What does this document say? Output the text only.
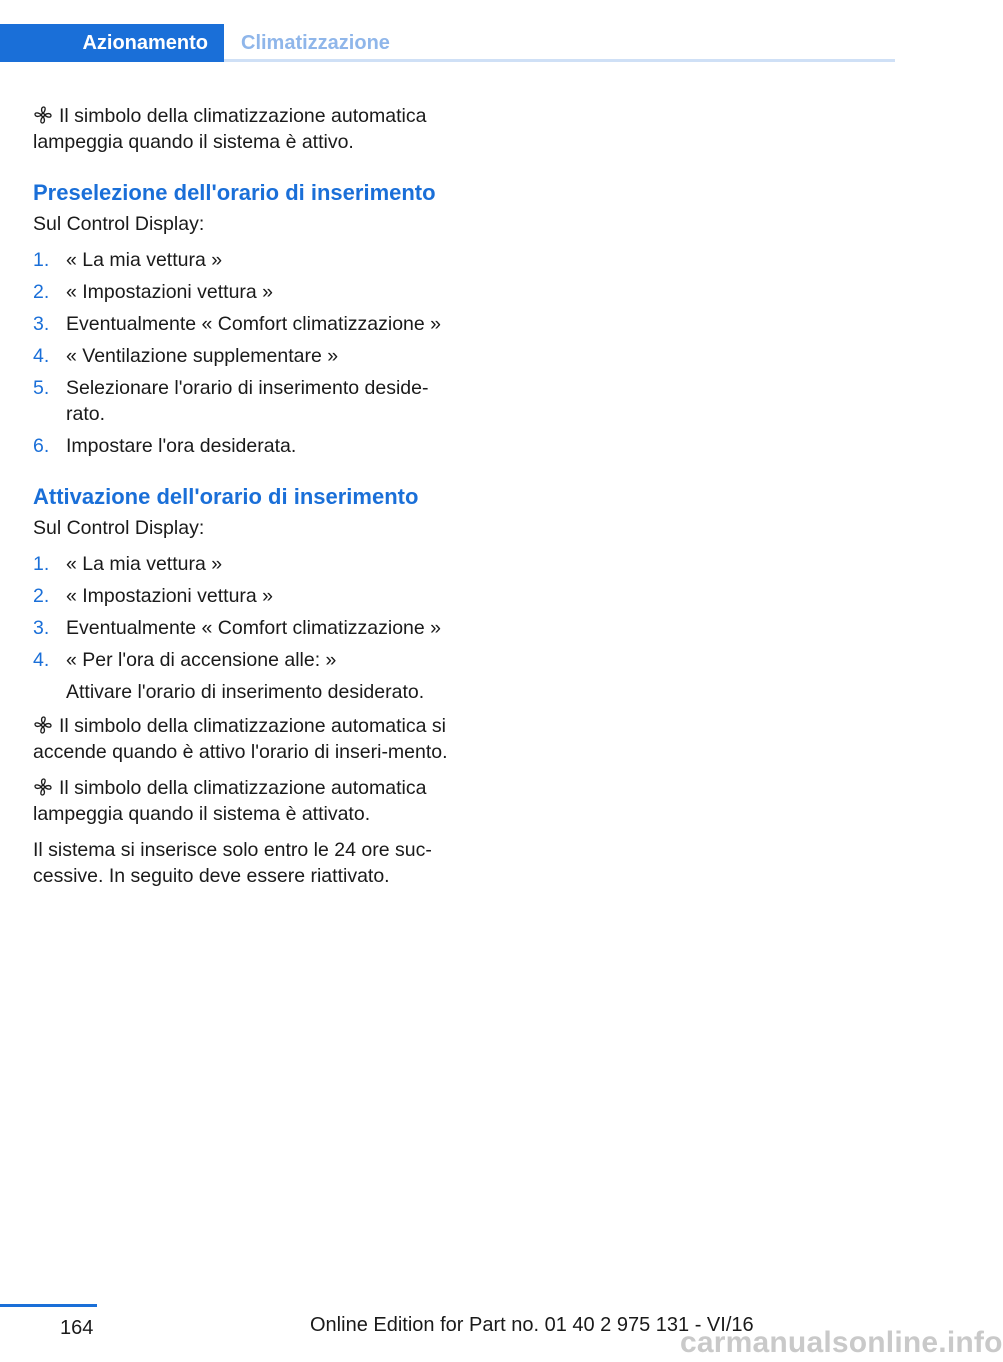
Azionamento	Climatizzazione

Il simbolo della climatizzazione automatica lampeggia quando il sistema è attivo.

Preselezione dell'orario di inserimento

Sul Control Display:

1. « La mia vettura »
2. « Impostazioni vettura »
3. Eventualmente « Comfort climatizzazione »
4. « Ventilazione supplementare »
5. Selezionare l'orario di inserimento deside-rato.
6. Impostare l'ora desiderata.
Attivazione dell'orario di inserimento

Sul Control Display:

1. « La mia vettura »
2. « Impostazioni vettura »
3. Eventualmente « Comfort climatizzazione »
4. « Per l'ora di accensione alle: »
Attivare l'orario di inserimento desiderato.

Il simbolo della climatizzazione automatica si accende quando è attivo l'orario di inseri-mento.

Il simbolo della climatizzazione automatica lampeggia quando il sistema è attivato.

Il sistema si inserisce solo entro le 24 ore suc-cessive. In seguito deve essere riattivato.

164	Online Edition for Part no. 01 40 2 975 131 - VI/16
carmanualsonline.info
